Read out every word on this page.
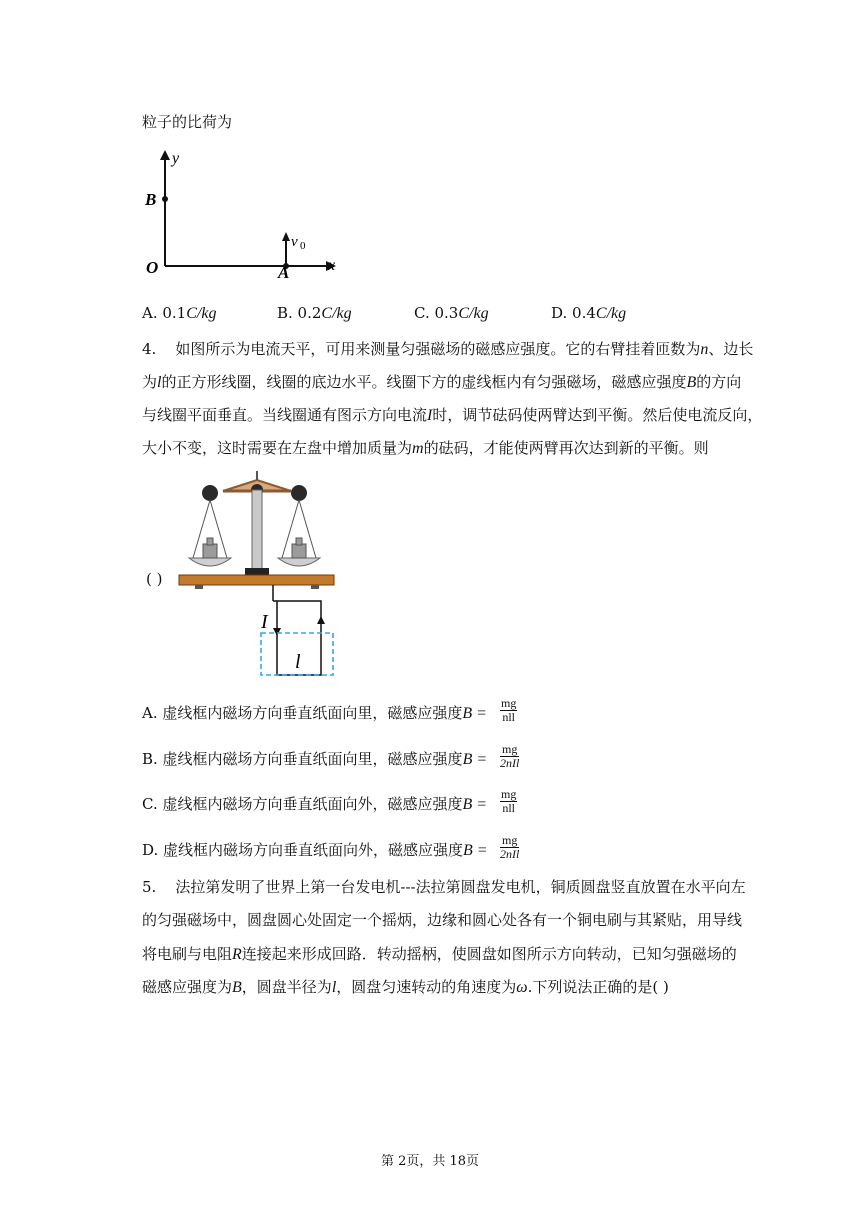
粒子的比荷为
y
x
O
B
A
v 0
A. 0.1C/kg	B. 0.2C/kg	C. 0.3C/kg	D. 0.4C/kg
4. 如图所示为电流天平，可用来测量匀强磁场的磁感应强度。它的右臂挂着匝数为n、边长
为l的正方形线圈，线圈的底边水平。线圈下方的虚线框内有匀强磁场，磁感应强度B的方向
与线圈平面垂直。当线圈通有图示方向电流I时，调节砝码使两臂达到平衡。然后使电流反向，
大小不变，这时需要在左盘中增加质量为m的砝码，才能使两臂再次达到新的平衡。则
I
l
( )
A. 虚线框内磁场方向垂直纸面向里，磁感应强度B =
mg
nll
B. 虚线框内磁场方向垂直纸面向里，磁感应强度B =
mg
2nIl
C. 虚线框内磁场方向垂直纸面向外，磁感应强度B =
mg
nll
D. 虚线框内磁场方向垂直纸面向外，磁感应强度B =
mg
2nIl
5. 法拉第发明了世界上第一台发电机---法拉第圆盘发电机，铜质圆盘竖直放置在水平向左
的匀强磁场中，圆盘圆心处固定一个摇炳，边缘和圆心处各有一个铜电刷与其紧贴，用导线
将电刷与电阻R连接起来形成回路．转动摇柄，使圆盘如图所示方向转动，已知匀强磁场的
磁感应强度为B，圆盘半径为l，圆盘匀速转动的角速度为ω.下列说法正确的是( )
第 2页，共 18页
